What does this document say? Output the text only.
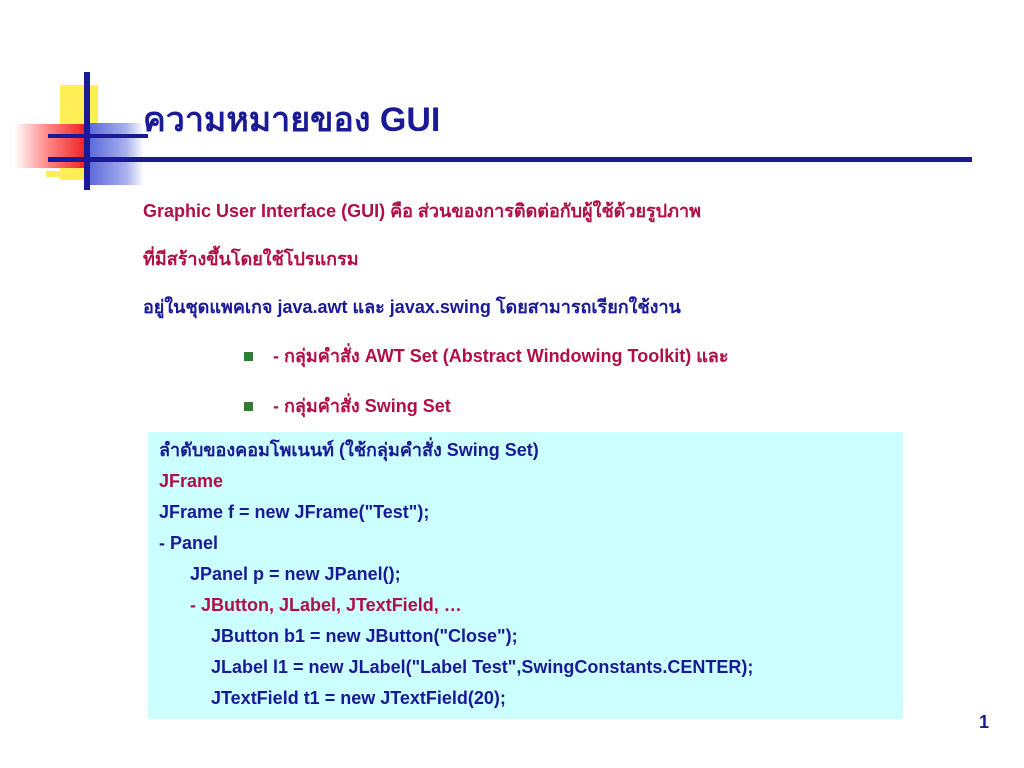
ความหมายของ GUI
Graphic User Interface (GUI) คือ ส่วนของการติดต่อกับผู้ใช้ด้วยรูปภาพ
ที่มีสร้างขึ้นโดยใช้โปรแกรม
อยู่ในชุดแพคเกจ java.awt และ javax.swing โดยสามารถเรียกใช้งาน
- กลุ่มคำสั่ง AWT Set (Abstract Windowing Toolkit) และ
- กลุ่มคำสั่ง Swing Set
ลำดับของคอมโพเนนท์ (ใช้กลุ่มคำสั่ง Swing Set)
JFrame
JFrame f = new JFrame("Test");
- Panel
JPanel p = new JPanel();
- JButton, JLabel, JTextField, …
JButton b1 = new JButton("Close");
JLabel l1 = new JLabel("Label Test",SwingConstants.CENTER);
JTextField t1 = new JTextField(20);
1
